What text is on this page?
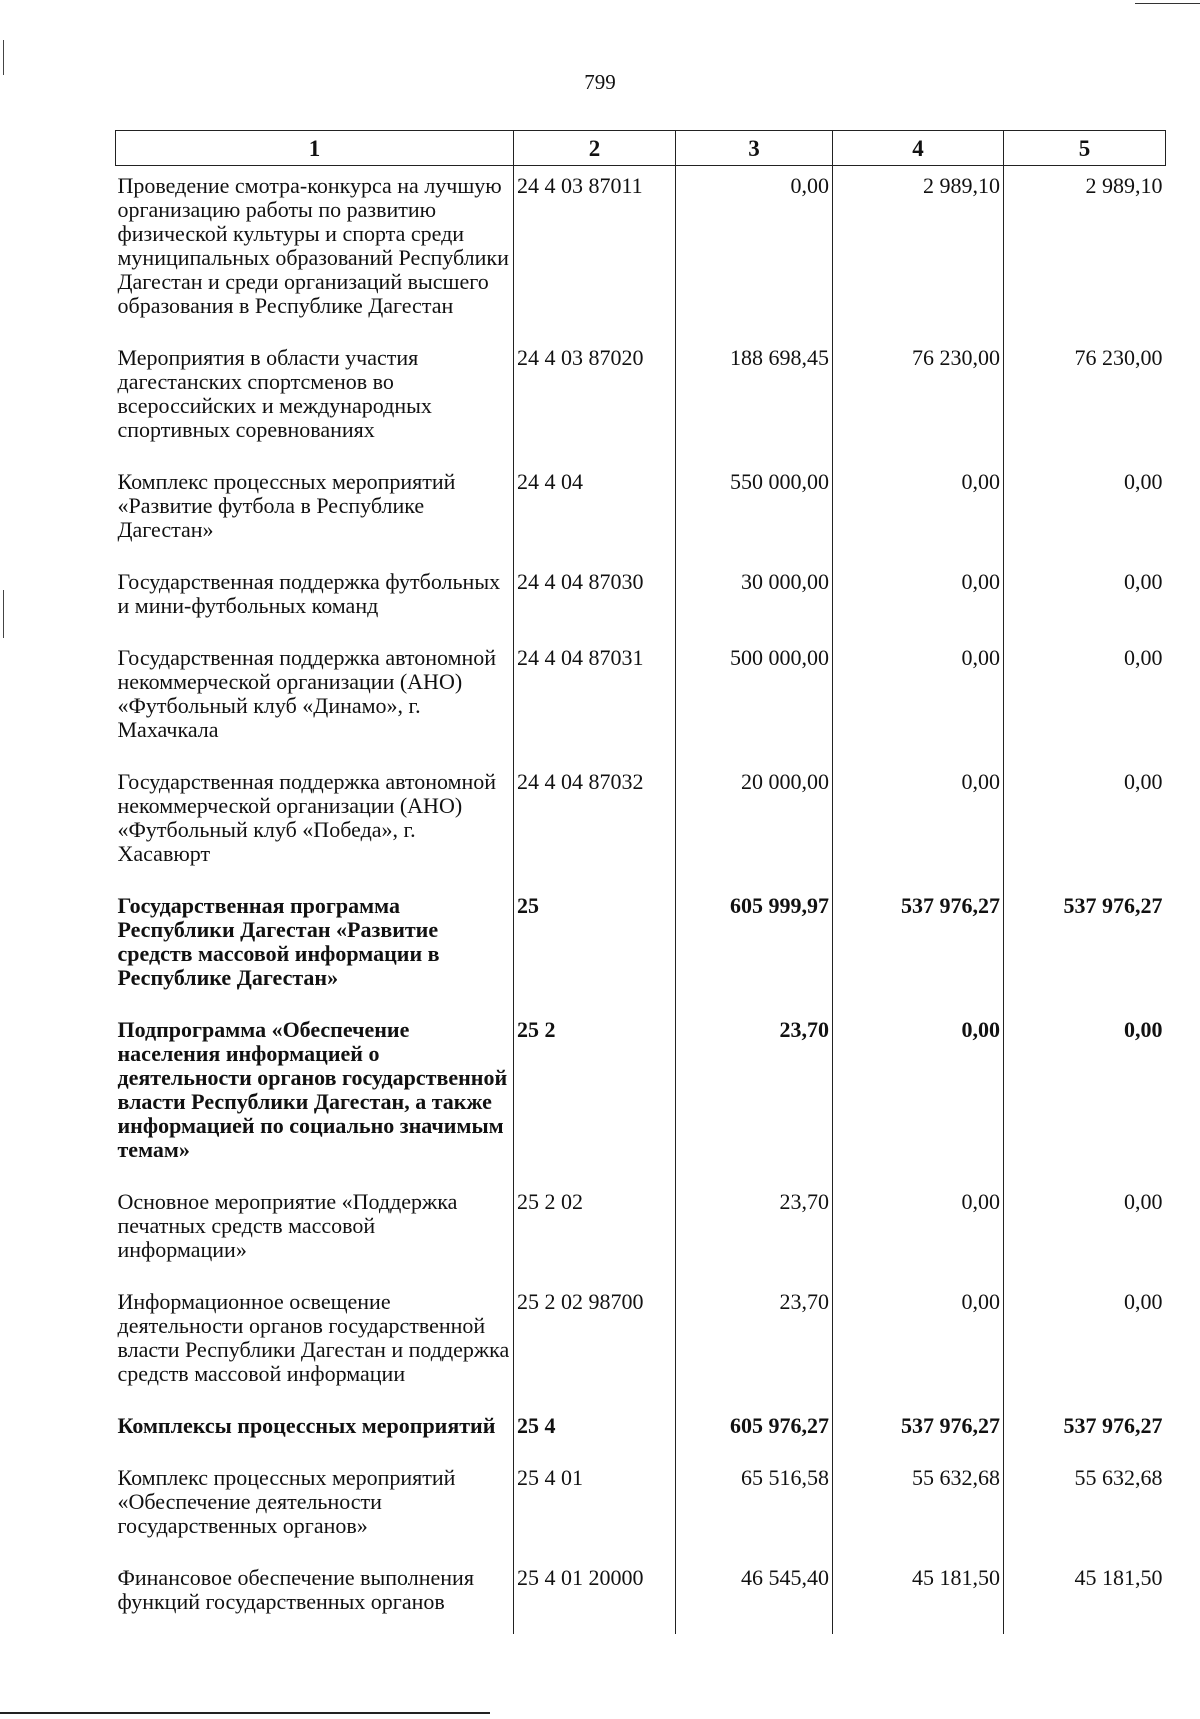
799
1	2	3	4	5
Проведение смотра-конкурса на лучшую организацию работы по развитию физической культуры и спорта среди муниципальных образований Республики Дагестан и среди организаций высшего образования в Республике Дагестан	24 4 03 87011	0,00	2 989,10	2 989,10
Мероприятия в области участия дагестанских спортсменов во всероссийских и международных спортивных соревнованиях	24 4 03 87020	188 698,45	76 230,00	76 230,00
Комплекс процессных мероприятий «Развитие футбола в Республике Дагестан»	24 4 04	550 000,00	0,00	0,00
Государственная поддержка футбольных и мини-футбольных команд	24 4 04 87030	30 000,00	0,00	0,00
Государственная поддержка автономной некоммерческой организации (АНО) «Футбольный клуб «Динамо», г. Махачкала	24 4 04 87031	500 000,00	0,00	0,00
Государственная поддержка автономной некоммерческой организации (АНО) «Футбольный клуб «Победа», г. Хасавюрт	24 4 04 87032	20 000,00	0,00	0,00
Государственная программа Республики Дагестан «Развитие средств массовой информации в Республике Дагестан»	25	605 999,97	537 976,27	537 976,27
Подпрограмма «Обеспечение населения информацией о деятельности органов государственной власти Республики Дагестан, а также информацией по социально значимым темам»	25 2	23,70	0,00	0,00
Основное мероприятие «Поддержка печатных средств массовой информации»	25 2 02	23,70	0,00	0,00
Информационное освещение деятельности органов государственной власти Республики Дагестан и поддержка средств массовой информации	25 2 02 98700	23,70	0,00	0,00
Комплексы процессных мероприятий	25 4	605 976,27	537 976,27	537 976,27
Комплекс процессных мероприятий «Обеспечение деятельности государственных органов»	25 4 01	65 516,58	55 632,68	55 632,68
Финансовое обеспечение выполнения функций государственных органов	25 4 01 20000	46 545,40	45 181,50	45 181,50
